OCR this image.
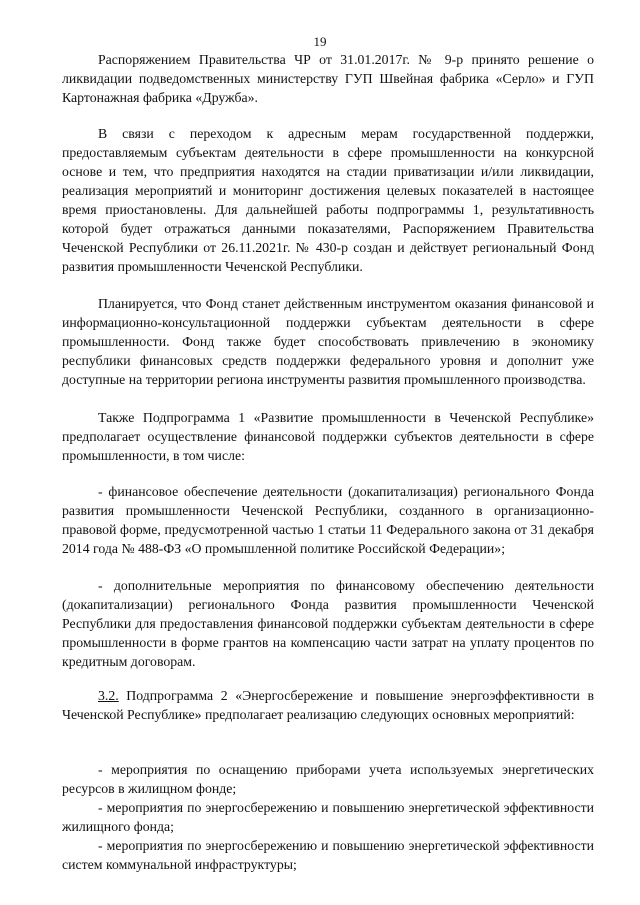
19

Распоряжением Правительства ЧР от 31.01.2017г. № 9-р принято решение о ликвидации подведомственных министерству ГУП Швейная фабрика «Серло» и ГУП Картонажная фабрика «Дружба».

В связи с переходом к адресным мерам государственной поддержки, предоставляемым субъектам деятельности в сфере промышленности на конкурсной основе и тем, что предприятия находятся на стадии приватизации и/или ликвидации, реализация мероприятий и мониторинг достижения целевых показателей в настоящее время приостановлены. Для дальнейшей работы подпрограммы 1, результативность которой будет отражаться данными показателями, Распоряжением Правительства Чеченской Республики от 26.11.2021г. № 430-р создан и действует региональный Фонд развития промышленности Чеченской Республики.

Планируется, что Фонд станет действенным инструментом оказания финансовой и информационно-консультационной поддержки субъектам деятельности в сфере промышленности. Фонд также будет способствовать привлечению в экономику республики финансовых средств поддержки федерального уровня и дополнит уже доступные на территории региона инструменты развития промышленного производства.

Также Подпрограмма 1 «Развитие промышленности в Чеченской Республике» предполагает осуществление финансовой поддержки субъектов деятельности в сфере промышленности, в том числе:

- финансовое обеспечение деятельности (докапитализация) регионального Фонда развития промышленности Чеченской Республики, созданного в организационно-правовой форме, предусмотренной частью 1 статьи 11 Федерального закона от 31 декабря 2014 года № 488-ФЗ «О промышленной политике Российской Федерации»;

- дополнительные мероприятия по финансовому обеспечению деятельности (докапитализации) регионального Фонда развития промышленности Чеченской Республики для предоставления финансовой поддержки субъектам деятельности в сфере промышленности в форме грантов на компенсацию части затрат на уплату процентов по кредитным договорам.

3.2. Подпрограмма 2 «Энергосбережение и повышение энергоэффективности в Чеченской Республике» предполагает реализацию следующих основных мероприятий:

- мероприятия по оснащению приборами учета используемых энергетических ресурсов в жилищном фонде;

- мероприятия по энергосбережению и повышению энергетической эффективности жилищного фонда;

- мероприятия по энергосбережению и повышению энергетической эффективности систем коммунальной инфраструктуры;
